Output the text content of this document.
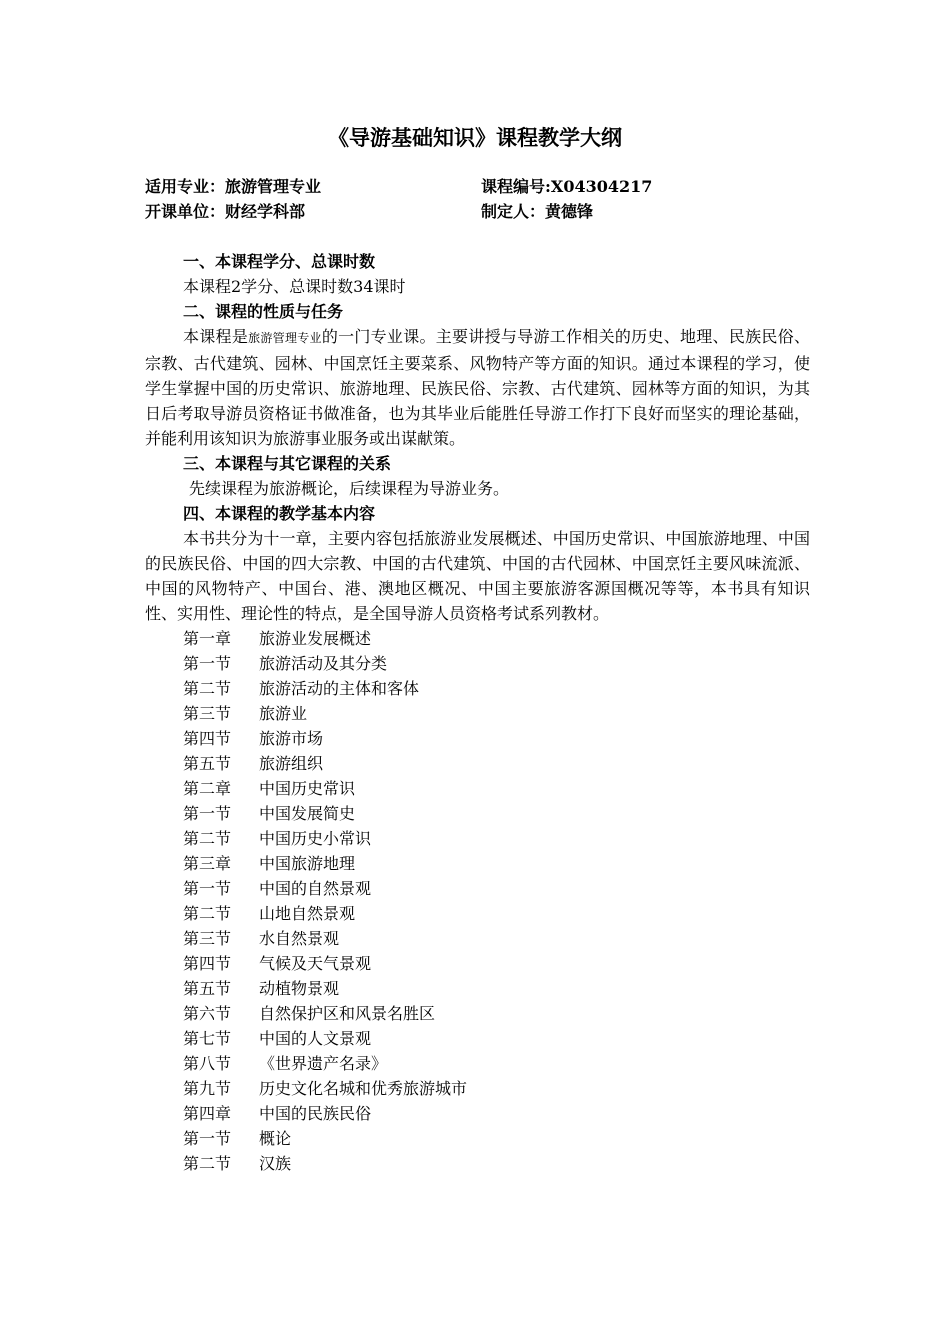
《导游基础知识》课程教学大纲
适用专业：旅游管理专业	课程编号:X04304217
开课单位：财经学科部	制定人：黄德锋

一、本课程学分、总课时数

本课程2学分、总课时数34课时

二、课程的性质与任务

本课程是旅游管理专业的一门专业课。主要讲授与导游工作相关的历史、地理、民族民俗、宗教、古代建筑、园林、中国烹饪主要菜系、风物特产等方面的知识。通过本课程的学习，使学生掌握中国的历史常识、旅游地理、民族民俗、宗教、古代建筑、园林等方面的知识，为其日后考取导游员资格证书做准备，也为其毕业后能胜任导游工作打下良好而坚实的理论基础，并能利用该知识为旅游事业服务或出谋献策。

三、本课程与其它课程的关系

先续课程为旅游概论，后续课程为导游业务。

四、本课程的教学基本内容

本书共分为十一章，主要内容包括旅游业发展概述、中国历史常识、中国旅游地理、中国的民族民俗、中国的四大宗教、中国的古代建筑、中国的古代园林、中国烹饪主要风味流派、中国的风物特产、中国台、港、澳地区概况、中国主要旅游客源国概况等等，本书具有知识性、实用性、理论性的特点，是全国导游人员资格考试系列教材。

第一章 旅游业发展概述

第一节 旅游活动及其分类

第二节 旅游活动的主体和客体

第三节 旅游业

第四节 旅游市场

第五节 旅游组织

第二章 中国历史常识

第一节 中国发展简史

第二节 中国历史小常识

第三章 中国旅游地理

第一节 中国的自然景观

第二节 山地自然景观

第三节 水自然景观

第四节 气候及天气景观

第五节 动植物景观

第六节 自然保护区和风景名胜区

第七节 中国的人文景观

第八节 《世界遗产名录》

第九节 历史文化名城和优秀旅游城市

第四章 中国的民族民俗

第一节 概论

第二节 汉族
